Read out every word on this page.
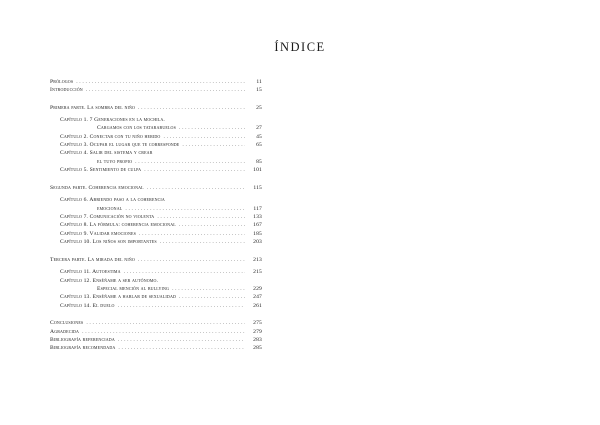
ÍNDICE
Prólogos . . .	11
Introducción . . .	15
Primera parte. La sombra del niño . . .	25
Capítulo 1. 7 Generaciones en la mochila.
Cargamos con los tatarabuelos . . .	27
Capítulo 2. Conectar con tu niño herido . . .	45
Capítulo 3. Ocupar el lugar que te corresponde . . .	65
Capítulo 4. Salir del sistema y crear
el tuyo propio . . .	85
Capítulo 5. Sentimiento de culpa . . .	101
Segunda parte. Coherencia emocional . . .	115
Capítulo 6. Abriendo paso a la coherencia
emocional . . .	117
Capítulo 7. Comunicación no violenta . . .	133
Capítulo 8. La fórmula: coherencia emocional . . .	167
Capítulo 9. Validar emociones . . .	185
Capítulo 10. Los niños son importantes . . .	203
Tercera parte. La mirada del niño . . .	213
Capítulo 11. Autoestima . . .	215
Capítulo 12. Enséñame a ser autónomo.
Especial mención al bullying . . .	229
Capítulo 13. Enséñame a hablar de sexualidad . . .	247
Capítulo 14. El duelo . . .	261
Conclusiones . . .	275
Agradecida . . .	279
Bibliografía referenciada . . .	283
Bibliografía recomendada . . .	285
